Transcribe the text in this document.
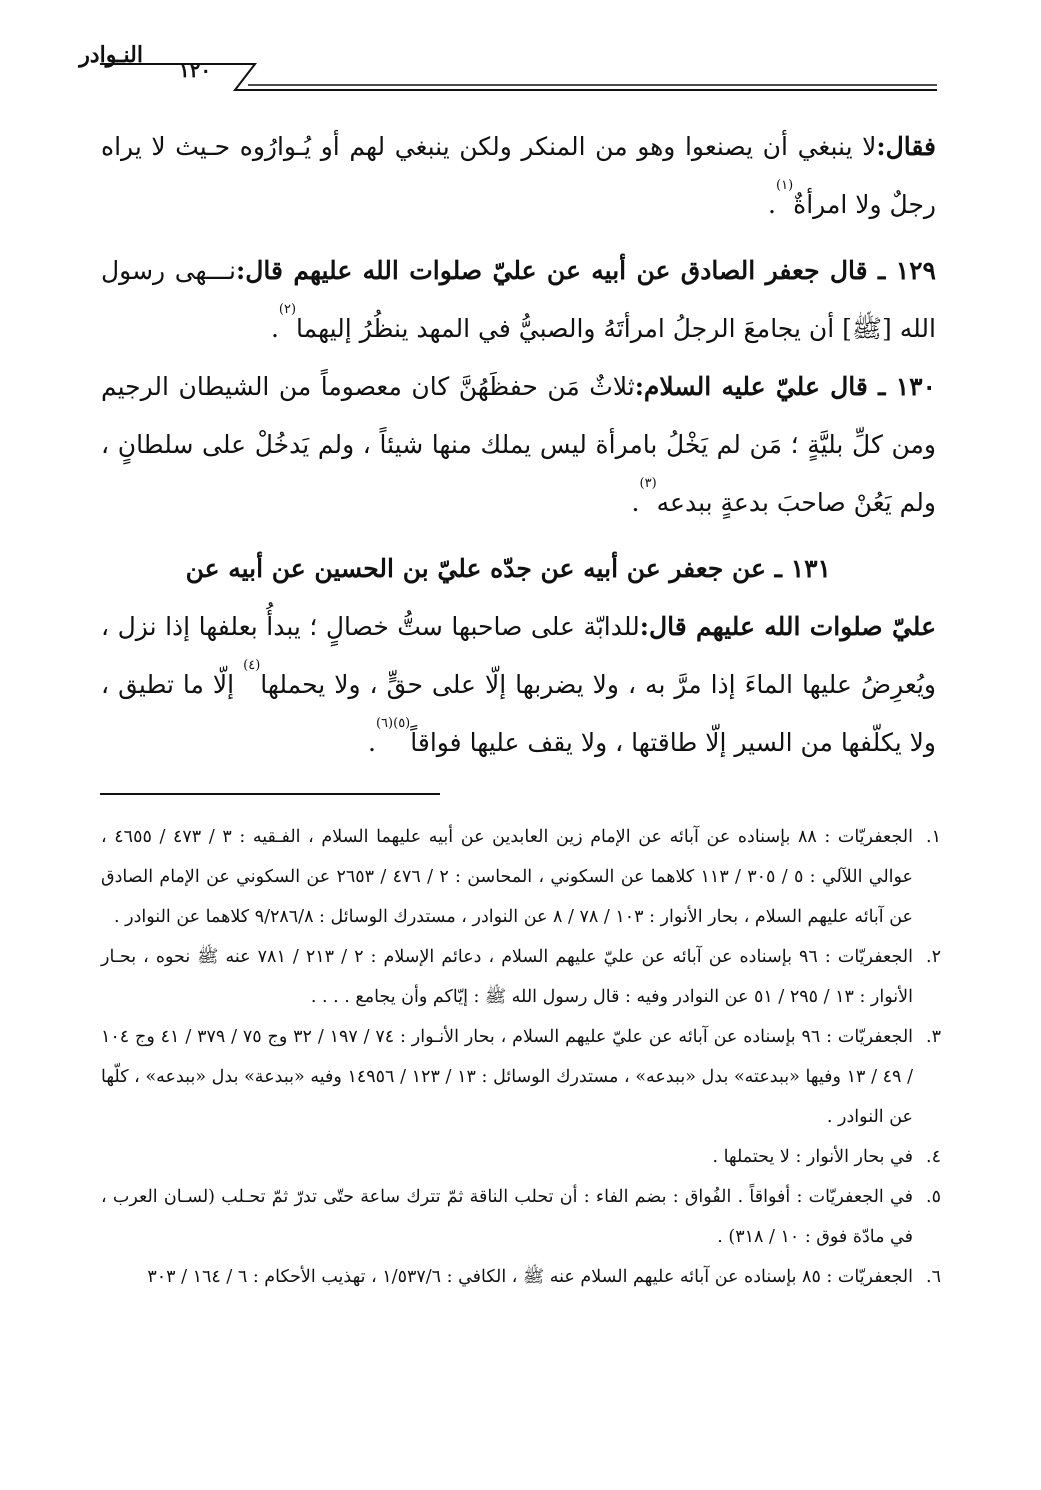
النـوادر
١٢٠

فقال:لا ينبغي أن يصنعوا وهو من المنكر ولكن ينبغي لهم أو يُـوارُوه حـيث لا يراه رجلٌ ولا امرأةٌ$^{(١)}$.

١٢٩ ـ قال جعفر الصادق عن أبيه عن عليّ صلوات الله عليهم قال:نـــهى رسول الله [ﷺ] أن يجامعَ الرجلُ امرأتَهُ والصبيُّ في المهد ينظُرُ إليهما$^{(٢)}$.

١٣٠ ـ قال عليّ عليه السلام:ثلاثٌ مَن حفظَهُنَّ كان معصوماً من الشيطان الرجيم ومن كلِّ بليَّةٍ ؛ مَن لم يَخْلُ بامرأة ليس يملك منها شيئاً ، ولم يَدخُلْ على سلطانٍ ، ولم يَعُنْ صاحبَ بدعةٍ ببدعه$^{(٣)}$.

١٣١ ـ عن جعفر عن أبيه عن جدّه عليّ بن الحسين عن أبيه عن

عليّ صلوات الله عليهم قال:للدابّة على صاحبها ستُّ خصالٍ ؛ يبدأُ بعلفها إذا نزل ، ويُعرِضُ عليها الماءَ إذا مرَّ به ، ولا يضربها إلّا على حقٍّ ، ولا يحملها$^{(٤)}$ إلّا ما تطيق ، ولا يكلّفها من السير إلّا طاقتها ، ولا يقف عليها فواقاً$^{(٥)(٦)}$.

١.
الجعفريّات : ٨٨ بإسناده عن آبائه عن الإمام زين العابدين عن أبيه عليهما السلام ، الفـقيه : ٣ / ٤٧٣ / ٤٦٥٥ ، عوالي اللآلي : ٥ / ٣٠٥ / ١١٣ كلاهما عن السكوني ، المحاسن : ٢ / ٤٧٦ / ٢٦٥٣ عن السكوني عن الإمام الصادق عن آبائه عليهم السلام ، بحار الأنوار : ١٠٣ / ٧٨ / ٨ عن النوادر ، مستدرك الوسائل : ٩/٢٨٦/٨ كلاهما عن النوادر .
٢.
الجعفريّات : ٩٦ بإسناده عن آبائه عن عليّ عليهم السلام ، دعائم الإسلام : ٢ / ٢١٣ / ٧٨١ عنه ﷺ نحوه ، بحـار الأنوار : ١٣ / ٢٩٥ / ٥١ عن النوادر وفيه : قال رسول الله ﷺ : إيّاكم وأن يجامع . . . .
٣.
الجعفريّات : ٩٦ بإسناده عن آبائه عن عليّ عليهم السلام ، بحار الأنـوار : ٧٤ / ١٩٧ / ٣٢ وج ٧٥ / ٣٧٩ / ٤١ وج ١٠٤ / ٤٩ / ١٣ وفيها «ببدعته» بدل «ببدعه» ، مستدرك الوسائل : ١٣ / ١٢٣ / ١٤٩٥٦ وفيه «ببدعة» بدل «ببدعه» ، كلّها عن النوادر .
٤.
في بحار الأنوار : لا يحتملها .
٥.
في الجعفريّات : أفواقاً . الفُواق : بضم الفاء : أن تحلب الناقة ثمّ تترك ساعة حتّى تدرّ ثمّ تحـلب (لسـان العرب ، في مادّة فوق : ١٠ / ٣١٨) .
٦.
الجعفريّات : ٨٥ بإسناده عن آبائه عليهم السلام عنه ﷺ ، الكافي : ١/٥٣٧/٦ ، تهذيب الأحكام : ٦ / ١٦٤ / ٣٠٣
